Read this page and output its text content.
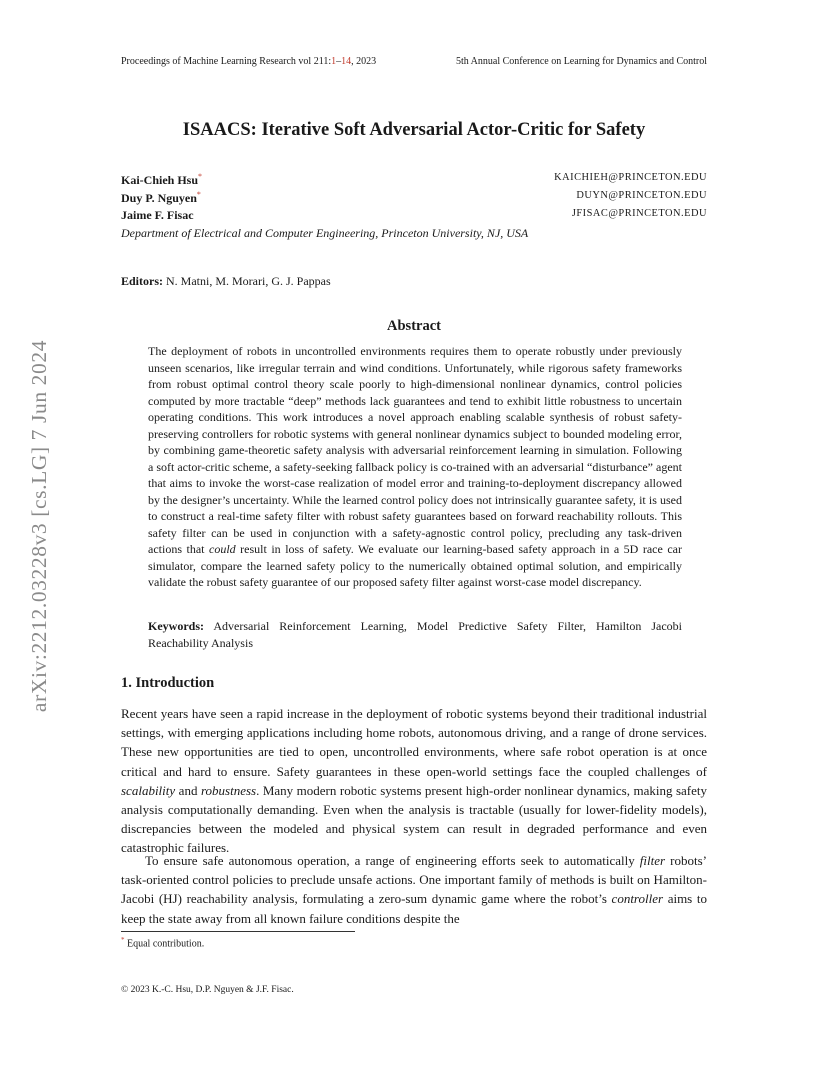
Proceedings of Machine Learning Research vol 211:1–14, 2023	5th Annual Conference on Learning for Dynamics and Control
arXiv:2212.03228v3 [cs.LG] 7 Jun 2024
ISAACS: Iterative Soft Adversarial Actor-Critic for Safety
Kai-Chieh Hsu*	KAICHIEH@PRINCETON.EDU
Duy P. Nguyen*	DUYN@PRINCETON.EDU
Jaime F. Fisac	JFISAC@PRINCETON.EDU
Department of Electrical and Computer Engineering, Princeton University, NJ, USA
Editors: N. Matni, M. Morari, G. J. Pappas
Abstract
The deployment of robots in uncontrolled environments requires them to operate robustly under previously unseen scenarios, like irregular terrain and wind conditions. Unfortunately, while rigorous safety frameworks from robust optimal control theory scale poorly to high-dimensional nonlinear dynamics, control policies computed by more tractable “deep” methods lack guarantees and tend to exhibit little robustness to uncertain operating conditions. This work introduces a novel approach enabling scalable synthesis of robust safety-preserving controllers for robotic systems with general nonlinear dynamics subject to bounded modeling error, by combining game-theoretic safety analysis with adversarial reinforcement learning in simulation. Following a soft actor-critic scheme, a safety-seeking fallback policy is co-trained with an adversarial “disturbance” agent that aims to invoke the worst-case realization of model error and training-to-deployment discrepancy allowed by the designer’s uncertainty. While the learned control policy does not intrinsically guarantee safety, it is used to construct a real-time safety filter with robust safety guarantees based on forward reachability rollouts. This safety filter can be used in conjunction with a safety-agnostic control policy, precluding any task-driven actions that could result in loss of safety. We evaluate our learning-based safety approach in a 5D race car simulator, compare the learned safety policy to the numerically obtained optimal solution, and empirically validate the robust safety guarantee of our proposed safety filter against worst-case model discrepancy.
Keywords: Adversarial Reinforcement Learning, Model Predictive Safety Filter, Hamilton Jacobi Reachability Analysis
1. Introduction
Recent years have seen a rapid increase in the deployment of robotic systems beyond their traditional industrial settings, with emerging applications including home robots, autonomous driving, and a range of drone services. These new opportunities are tied to open, uncontrolled environments, where safe robot operation is at once critical and hard to ensure. Safety guarantees in these open-world settings face the coupled challenges of scalability and robustness. Many modern robotic systems present high-order nonlinear dynamics, making safety analysis computationally demanding. Even when the analysis is tractable (usually for lower-fidelity models), discrepancies between the modeled and physical system can result in degraded performance and even catastrophic failures.
To ensure safe autonomous operation, a range of engineering efforts seek to automatically filter robots’ task-oriented control policies to preclude unsafe actions. One important family of methods is built on Hamilton-Jacobi (HJ) reachability analysis, formulating a zero-sum dynamic game where the robot’s controller aims to keep the state away from all known failure conditions despite the
* Equal contribution.
© 2023 K.-C. Hsu, D.P. Nguyen & J.F. Fisac.
